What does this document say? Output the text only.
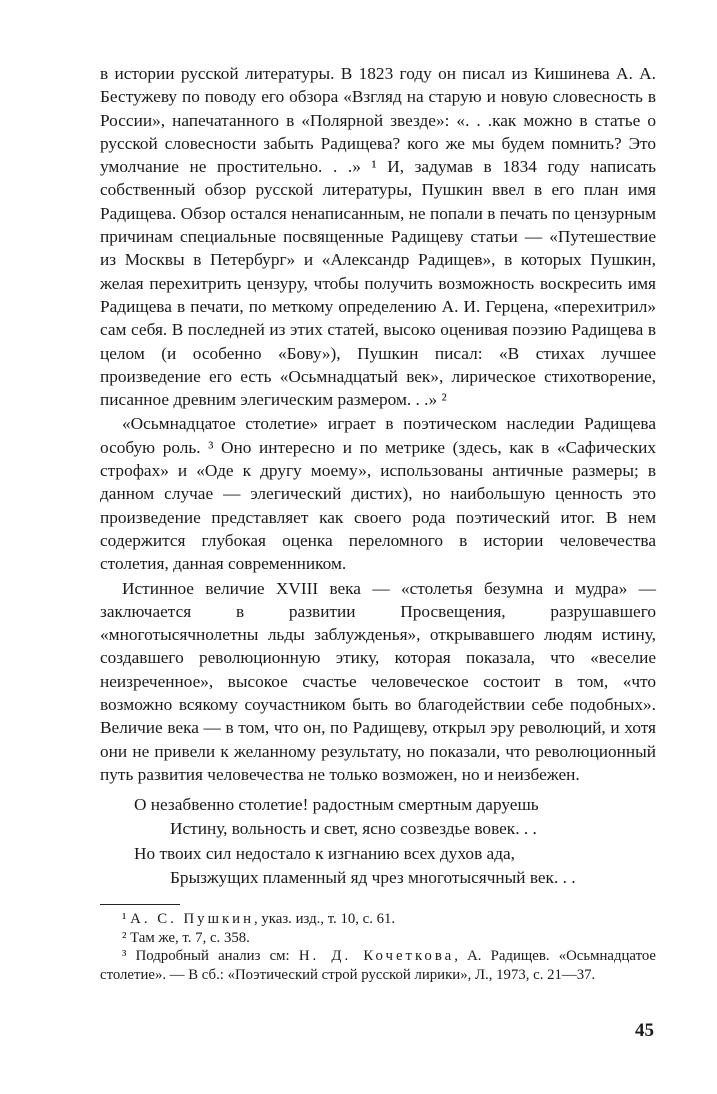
в истории русской литературы. В 1823 году он писал из Кишинева А. А. Бестужеву по поводу его обзора «Взгляд на старую и новую словесность в России», напечатанного в «Полярной звезде»: «. . .как можно в статье о русской словесности забыть Радищева? кого же мы будем помнить? Это умолчание не простительно. . .» ¹ И, задумав в 1834 году написать собственный обзор русской литературы, Пушкин ввел в его план имя Радищева. Обзор остался ненаписанным, не попали в печать по цензурным причинам специальные посвященные Радищеву статьи — «Путешествие из Москвы в Петербург» и «Александр Радищев», в которых Пушкин, желая перехитрить цензуру, чтобы получить возможность воскресить имя Радищева в печати, по меткому определению А. И. Герцена, «перехитрил» сам себя. В последней из этих статей, высоко оценивая поэзию Радищева в целом (и особенно «Бову»), Пушкин писал: «В стихах лучшее произведение его есть «Осьмнадцатый век», лирическое стихотворение, писанное древним элегическим размером. . .» ²

«Осьмнадцатое столетие» играет в поэтическом наследии Радищева особую роль. ³ Оно интересно и по метрике (здесь, как в «Сафических строфах» и «Оде к другу моему», использованы античные размеры; в данном случае — элегический дистих), но наибольшую ценность это произведение представляет как своего рода поэтический итог. В нем содержится глубокая оценка переломного в истории человечества столетия, данная современником.

Истинное величие XVIII века — «столетья безумна и мудра» — заключается в развитии Просвещения, разрушавшего «многотысячнолетны льды заблужденья», открывавшего людям истину, создавшего революционную этику, которая показала, что «веселие неизреченное», высокое счастье человеческое состоит в том, «что возможно всякому соучастником быть во благодействии себе подобных». Величие века — в том, что он, по Радищеву, открыл эру революций, и хотя они не привели к желанному результату, но показали, что революционный путь развития человечества не только возможен, но и неизбежен.

О незабвенно столетие! радостным смертным даруешь
Истину, вольность и свет, ясно созвездье вовек. . .
Но твоих сил недостало к изгнанию всех духов ада,
Брызжущих пламенный яд чрез многотысячный век. . .

¹ А. С. Пушкин, указ. изд., т. 10, с. 61.

² Там же, т. 7, с. 358.

³ Подробный анализ см: Н. Д. Кочеткова, А. Радищев. «Осьмнадцатое столетие». — В сб.: «Поэтический строй русской лирики», Л., 1973, с. 21—37.

45
